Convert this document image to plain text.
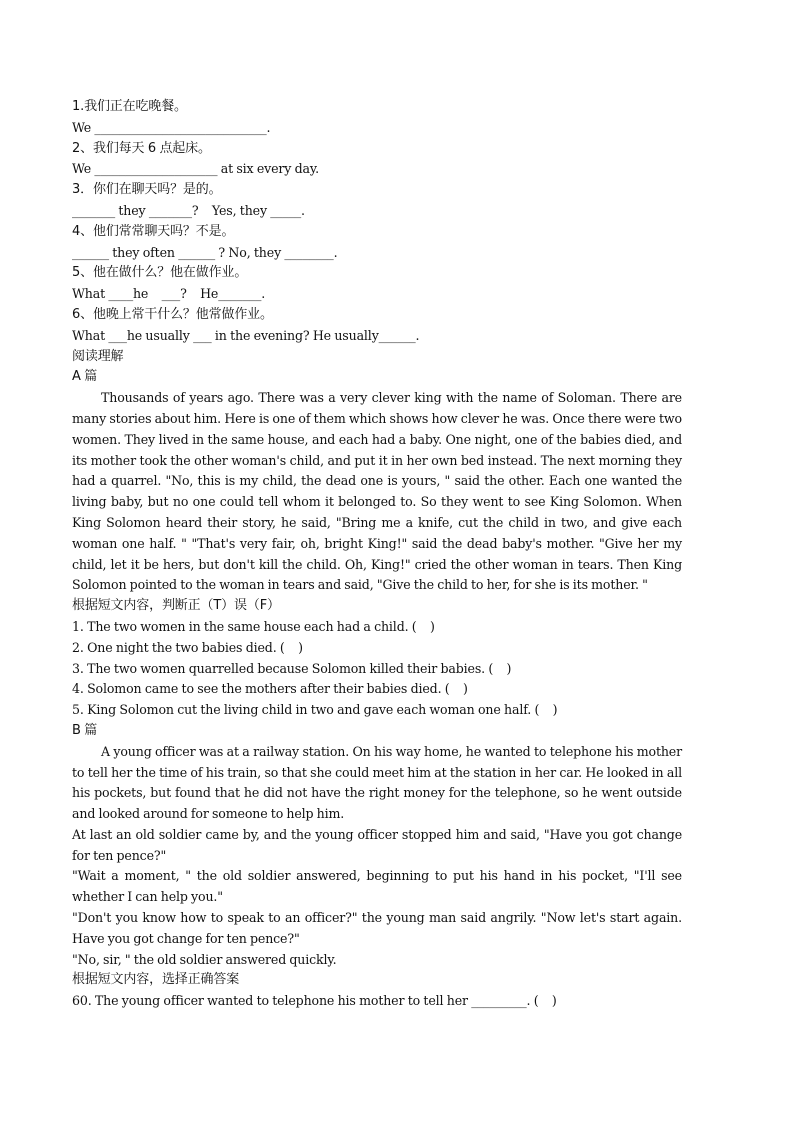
1.我们正在吃晚餐。
We ____________________________.
2、我们每天 6 点起床。
We ____________________ at six every day.
3．你们在聊天吗？是的。
_______ they _______?    Yes, they _____.
4、他们常常聊天吗？不是。
______ they often ______ ? No, they ________.
5、他在做什么？他在做作业。
What ____he    ___?    He_______.
6、他晚上常干什么？他常做作业。
What ___he usually ___ in the evening? He usually______.
阅读理解
A 篇

Thousands of years ago. There was a very clever king with the name of Soloman. There are many stories about him. Here is one of them which shows how clever he was. Once there were two women. They lived in the same house, and each had a baby. One night, one of the babies died, and its mother took the other woman's child, and put it in her own bed instead. The next morning they had a quarrel. "No, this is my child, the dead one is yours, " said the other. Each one wanted the living baby, but no one could tell whom it belonged to. So they went to see King Solomon. When King Solomon heard their story, he said, "Bring me a knife, cut the child in two, and give each woman one half. " "That's very fair, oh, bright King!" said the dead baby's mother. "Give her my child, let it be hers, but don't kill the child. Oh, King!" cried the other woman in tears. Then King Solomon pointed to the woman in tears and said, "Give the child to her, for she is its mother. "

根据短文内容，判断正（T）误（F）
1. The two women in the same house each had a child. (    )
2. One night the two babies died. (    )
3. The two women quarrelled because Solomon killed their babies. (    )
4. Solomon came to see the mothers after their babies died. (    )
5. King Solomon cut the living child in two and gave each woman one half. (    )
B 篇

A young officer was at a railway station. On his way home, he wanted to telephone his mother to tell her the time of his train, so that she could meet him at the station in her car. He looked in all his pockets, but found that he did not have the right money for the telephone, so he went outside and looked around for someone to help him.

At last an old soldier came by, and the young officer stopped him and said, "Have you got change for ten pence?"

"Wait a moment, " the old soldier answered, beginning to put his hand in his pocket, "I'll see whether I can help you."

"Don't you know how to speak to an officer?" the young man said angrily. "Now let's start again. Have you got change for ten pence?"

"No, sir, " the old soldier answered quickly.

根据短文内容，选择正确答案
60. The young officer wanted to telephone his mother to tell her _________. (    )
